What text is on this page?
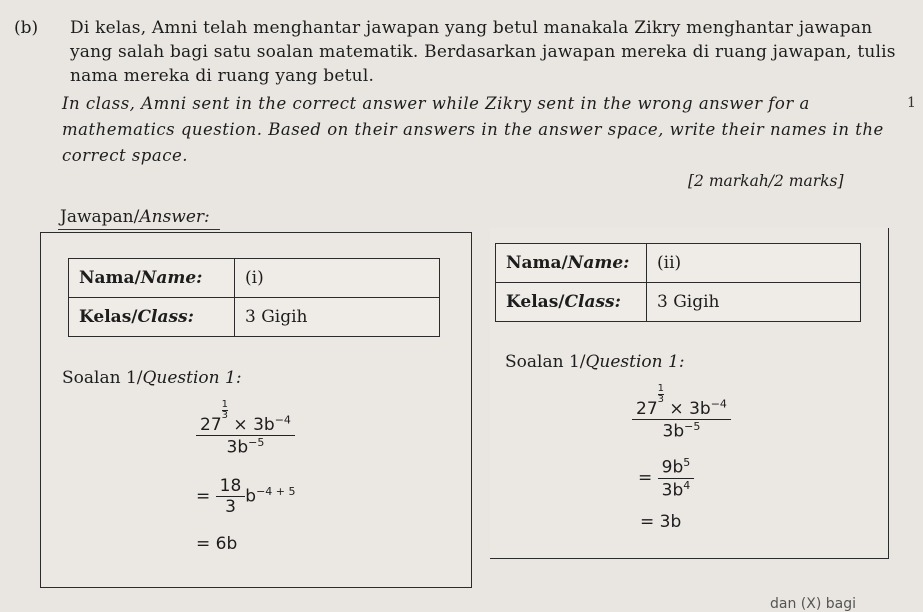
(b) Di kelas, Amni telah menghantar jawapan yang betul manakala Zikry menghantar jawapan
yang salah bagi satu soalan matematik. Berdasarkan jawapan mereka di ruang jawapan, tulis
nama mereka di ruang yang betul.
In class, Amni sent in the correct answer while Zikry sent in the wrong answer for a
mathematics question. Based on their answers in the answer space, write their names in the
correct space.
1
[2 markah/2 marks]
Jawapan/Answer:
Nama/Name:	(i)
Kelas/Class:	3 Gigih
Soalan 1/Question 1:
27
$\frac{1}{3}$
× $3b^{-4}$
$3b^{-5}$
= $\frac{18}{3} b^{-4 + 5}$
= 6b
Nama/Name:	(ii)
Kelas/Class:	3 Gigih
Soalan 1/Question 1:
27
$\frac{1}{3}$
× $3b^{-4}$
$3b^{-5}$
= $\frac{9b^5}{3b^4}$
= 3b
dan (X) bagi
